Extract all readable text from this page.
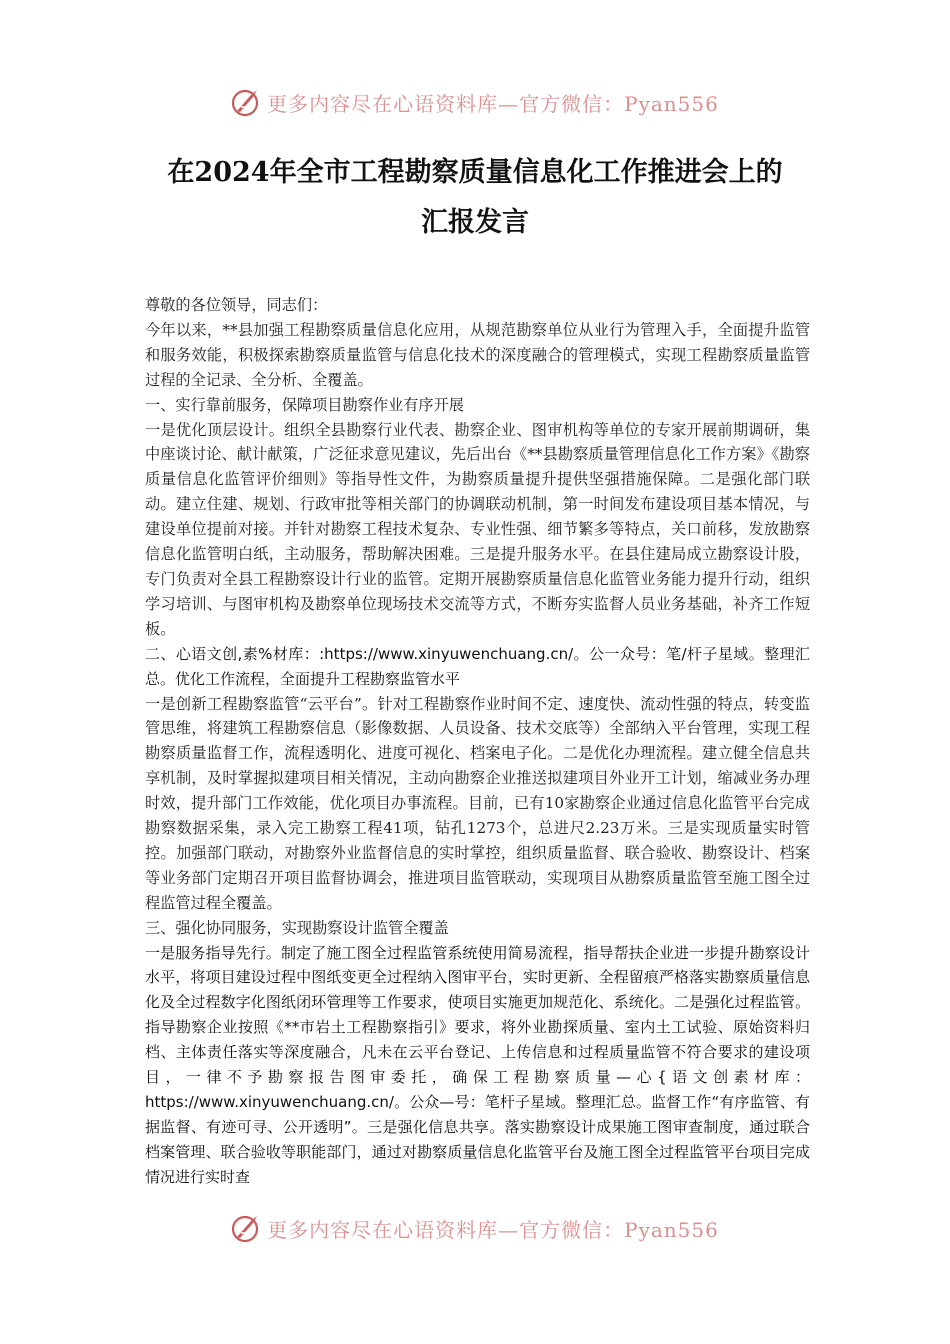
更多内容尽在心语资料库—官方微信：Pyan556
在2024年全市工程勘察质量信息化工作推进会上的
汇报发言

尊敬的各位领导，同志们：

今年以来，**县加强工程勘察质量信息化应用，从规范勘察单位从业行为管理入手，全面提升监管和服务效能，积极探索勘察质量监管与信息化技术的深度融合的管理模式，实现工程勘察质量监管过程的全记录、全分析、全覆盖。

一、实行靠前服务，保障项目勘察作业有序开展

一是优化顶层设计。组织全县勘察行业代表、勘察企业、图审机构等单位的专家开展前期调研，集中座谈讨论、献计献策，广泛征求意见建议，先后出台《**县勘察质量管理信息化工作方案》《勘察质量信息化监管评价细则》等指导性文件，为勘察质量提升提供坚强措施保障。二是强化部门联动。建立住建、规划、行政审批等相关部门的协调联动机制，第一时间发布建设项目基本情况，与建设单位提前对接。并针对勘察工程技术复杂、专业性强、细节繁多等特点，关口前移，发放勘察信息化监管明白纸，主动服务，帮助解决困难。三是提升服务水平。在县住建局成立勘察设计股，专门负责对全县工程勘察设计行业的监管。定期开展勘察质量信息化监管业务能力提升行动，组织学习培训、与图审机构及勘察单位现场技术交流等方式，不断夯实监督人员业务基础，补齐工作短板。

二、心语文创,素%材库：:https://www.xinyuwenchuang.cn/。公一众号：笔/杆子星域。整理汇总。优化工作流程，全面提升工程勘察监管水平

一是创新工程勘察监管“云平台”。针对工程勘察作业时间不定、速度快、流动性强的特点，转变监管思维，将建筑工程勘察信息（影像数据、人员设备、技术交底等）全部纳入平台管理，实现工程勘察质量监督工作，流程透明化、进度可视化、档案电子化。二是优化办理流程。建立健全信息共享机制，及时掌握拟建项目相关情况，主动向勘察企业推送拟建项目外业开工计划，缩减业务办理时效，提升部门工作效能，优化项目办事流程。目前，已有10家勘察企业通过信息化监管平台完成勘察数据采集，录入完工勘察工程41项，钻孔1273个，总进尺2.23万米。三是实现质量实时管控。加强部门联动，对勘察外业监督信息的实时掌控，组织质量监督、联合验收、勘察设计、档案等业务部门定期召开项目监督协调会，推进项目监管联动，实现项目从勘察质量监管至施工图全过程监管过程全覆盖。

三、强化协同服务，实现勘察设计监管全覆盖

一是服务指导先行。制定了施工图全过程监管系统使用简易流程，指导帮扶企业进一步提升勘察设计水平，将项目建设过程中图纸变更全过程纳入图审平台，实时更新、全程留痕严格落实勘察质量信息化及全过程数字化图纸闭环管理等工作要求，使项目实施更加规范化、系统化。二是强化过程监管。指导勘察企业按照《**市岩土工程勘察指引》要求，将外业勘探质量、室内土工试验、原始资料归档、主体责任落实等深度融合，凡未在云平台登记、上传信息和过程质量监管不符合要求的建设项目，一律不予勘察报告图审委托，确保工程勘察质量—心{语文创素材库：https://www.xinyuwenchuang.cn/。公众—号：笔杆子星域。整理汇总。监督工作“有序监管、有据监督、有迹可寻、公开透明”。三是强化信息共享。落实勘察设计成果施工图审查制度，通过联合档案管理、联合验收等职能部门，通过对勘察质量信息化监管平台及施工图全过程监管平台项目完成情况进行实时查

更多内容尽在心语资料库—官方微信：Pyan556
